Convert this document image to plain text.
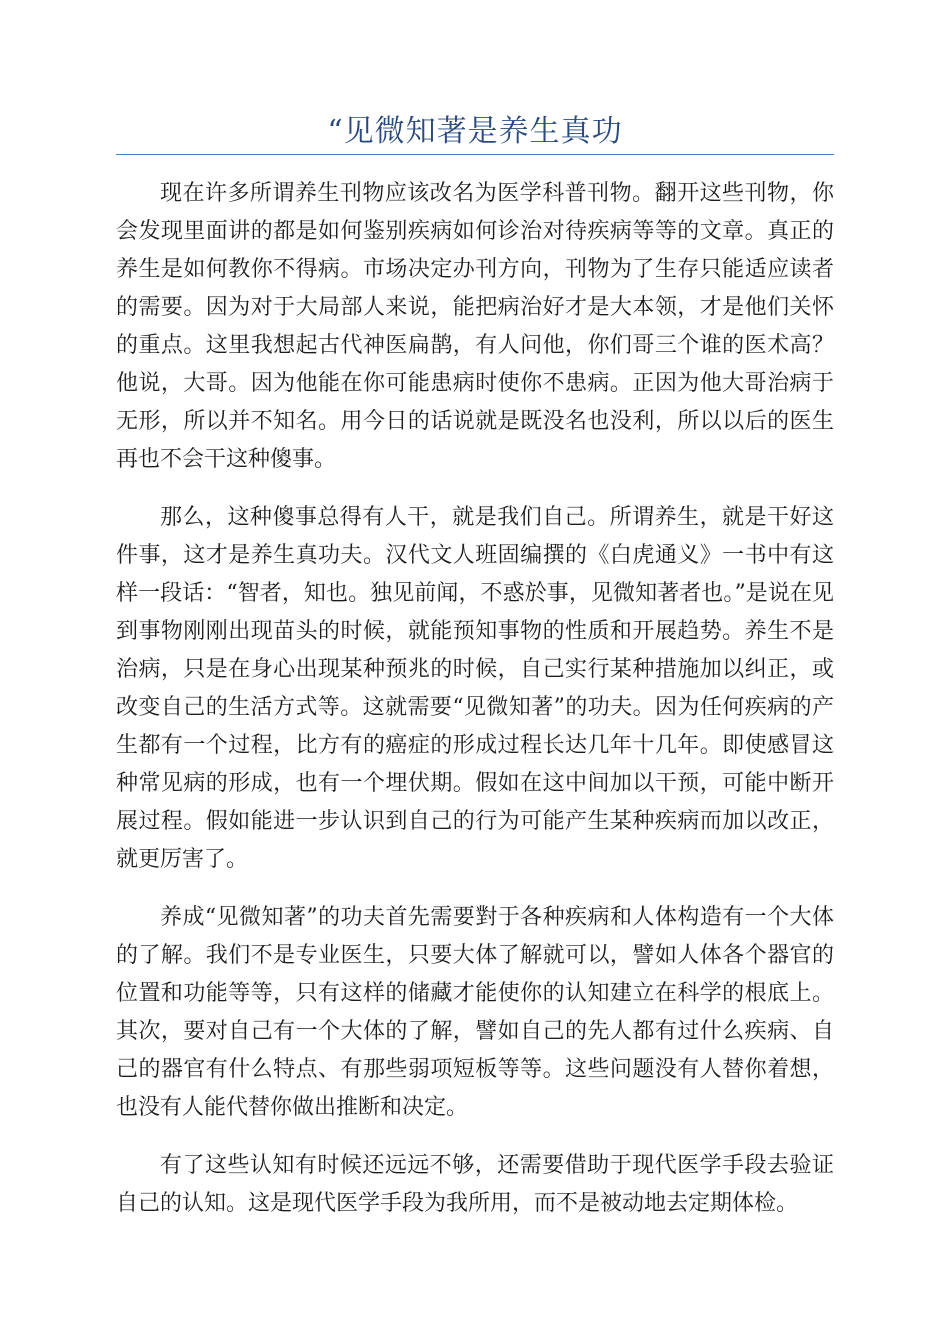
“见微知著是养生真功

现在许多所谓养生刊物应该改名为医学科普刊物。翻开这些刊物，你会发现里面讲的都是如何鉴别疾病如何诊治对待疾病等等的文章。真正的养生是如何教你不得病。市场决定办刊方向，刊物为了生存只能适应读者的需要。因为对于大局部人来说，能把病治好才是大本领，才是他们关怀的重点。这里我想起古代神医扁鹊，有人问他，你们哥三个谁的医术高？他说，大哥。因为他能在你可能患病时使你不患病。正因为他大哥治病于无形，所以并不知名。用今日的话说就是既没名也没利，所以以后的医生再也不会干这种傻事。

那么，这种傻事总得有人干，就是我们自己。所谓养生，就是干好这件事，这才是养生真功夫。汉代文人班固编撰的《白虎通义》一书中有这样一段话：“智者，知也。独见前闻，不惑於事，见微知著者也。”是说在见到事物刚刚出现苗头的时候，就能预知事物的性质和开展趋势。养生不是治病，只是在身心出现某种预兆的时候，自己实行某种措施加以纠正，或改变自己的生活方式等。这就需要“见微知著”的功夫。因为任何疾病的产生都有一个过程，比方有的癌症的形成过程长达几年十几年。即使感冒这种常见病的形成，也有一个埋伏期。假如在这中间加以干预，可能中断开展过程。假如能进一步认识到自己的行为可能产生某种疾病而加以改正，就更厉害了。

养成“见微知著”的功夫首先需要對于各种疾病和人体构造有一个大体的了解。我们不是专业医生，只要大体了解就可以，譬如人体各个器官的位置和功能等等，只有这样的储藏才能使你的认知建立在科学的根底上。其次，要对自己有一个大体的了解，譬如自己的先人都有过什么疾病、自己的器官有什么特点、有那些弱项短板等等。这些问题没有人替你着想，也没有人能代替你做出推断和决定。

有了这些认知有时候还远远不够，还需要借助于现代医学手段去验证自己的认知。这是现代医学手段为我所用，而不是被动地去定期体检。
